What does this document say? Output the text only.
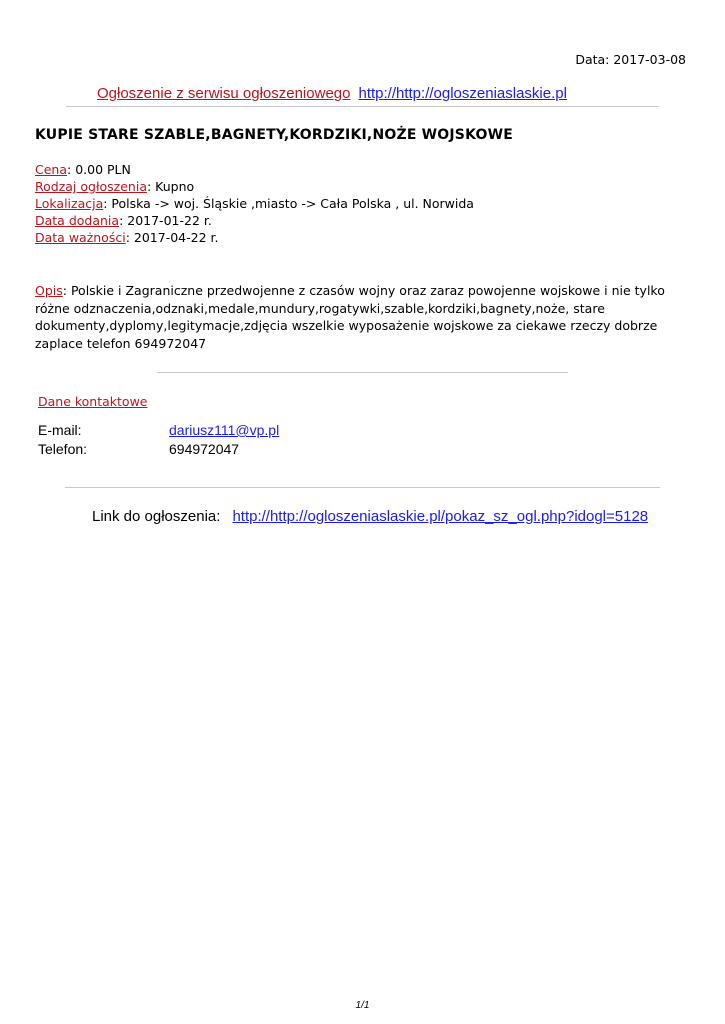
Data: 2017-03-08
Ogłoszenie z serwisu ogłoszeniowego http://http://ogloszeniaslaskie.pl
KUPIE STARE SZABLE,BAGNETY,KORDZIKI,NOŻE WOJSKOWE
Cena: 0.00 PLN
Rodzaj ogłoszenia: Kupno
Lokalizacja: Polska -> woj. Śląskie ,miasto -> Cała Polska , ul. Norwida
Data dodania: 2017-01-22 r.
Data ważności: 2017-04-22 r.
Opis: Polskie i Zagraniczne przedwojenne z czasów wojny oraz zaraz powojenne wojskowe i nie tylko różne odznaczenia,odznaki,medale,mundury,rogatywki,szable,kordziki,bagnety,noże, stare dokumenty,dyplomy,legitymacje,zdjęcia wszelkie wyposażenie wojskowe za ciekawe rzeczy dobrze zaplace telefon 694972047
Dane kontaktowe
E-mail:	dariusz111@vp.pl
Telefon:	694972047
Link do ogłoszenia: http://http://ogloszeniaslaskie.pl/pokaz_sz_ogl.php?idogl=5128
1/1
